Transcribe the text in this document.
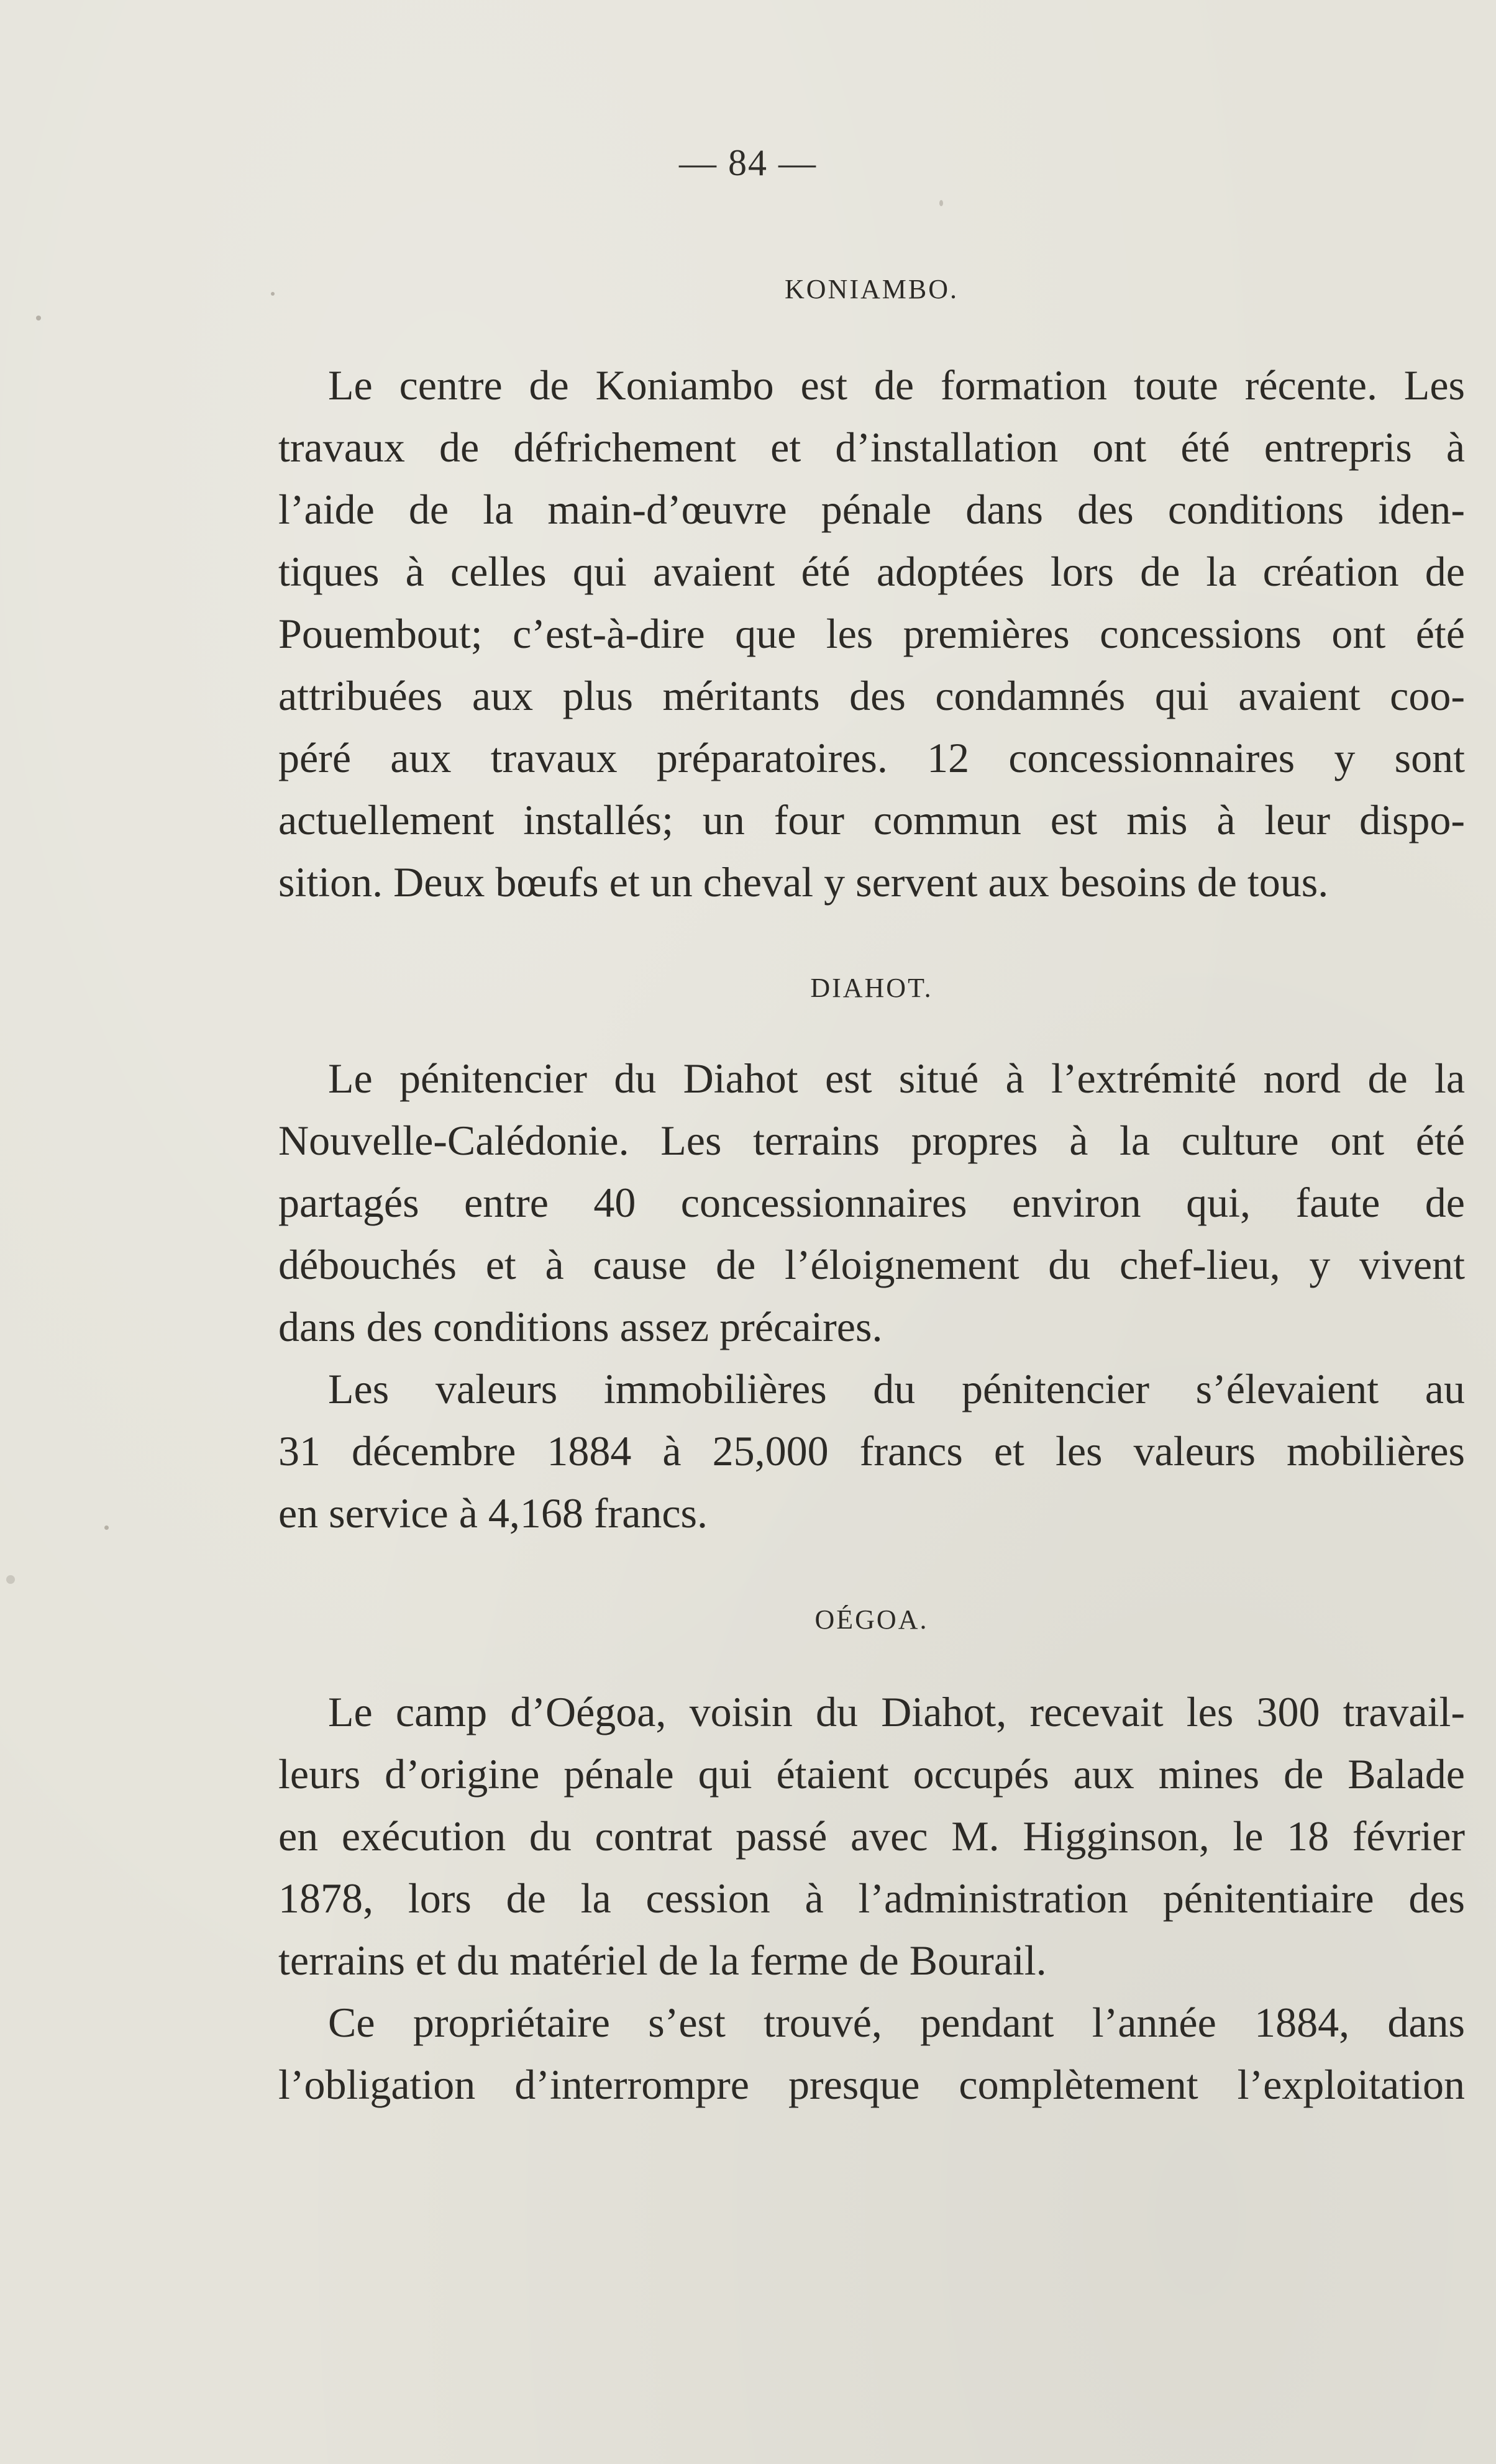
— 84 —
KONIAMBO.
Le centre de Koniambo est de formation toute récente. Les
travaux de défrichement et d’installation ont été entrepris à
l’aide de la main-d’œuvre pénale dans des conditions iden-
tiques à celles qui avaient été adoptées lors de la création de
Pouembout; c’est-à-dire que les premières concessions ont été
attribuées aux plus méritants des condamnés qui avaient coo-
péré aux travaux préparatoires. 12 concessionnaires y sont
actuellement installés; un four commun est mis à leur dispo-
sition. Deux bœufs et un cheval y servent aux besoins de tous.
DIAHOT.
Le pénitencier du Diahot est situé à l’extrémité nord de la
Nouvelle-Calédonie. Les terrains propres à la culture ont été
partagés entre 40 concessionnaires environ qui, faute de
débouchés et à cause de l’éloignement du chef-lieu, y vivent
dans des conditions assez précaires.
Les valeurs immobilières du pénitencier s’élevaient au
31 décembre 1884 à 25,000 francs et les valeurs mobilières
en service à 4,168 francs.
OÉGOA.
Le camp d’Oégoa, voisin du Diahot, recevait les 300 travail-
leurs d’origine pénale qui étaient occupés aux mines de Balade
en exécution du contrat passé avec M. Higginson, le 18 février
1878, lors de la cession à l’administration pénitentiaire des
terrains et du matériel de la ferme de Bourail.
Ce propriétaire s’est trouvé, pendant l’année 1884, dans
l’obligation d’interrompre presque complètement l’exploitation
